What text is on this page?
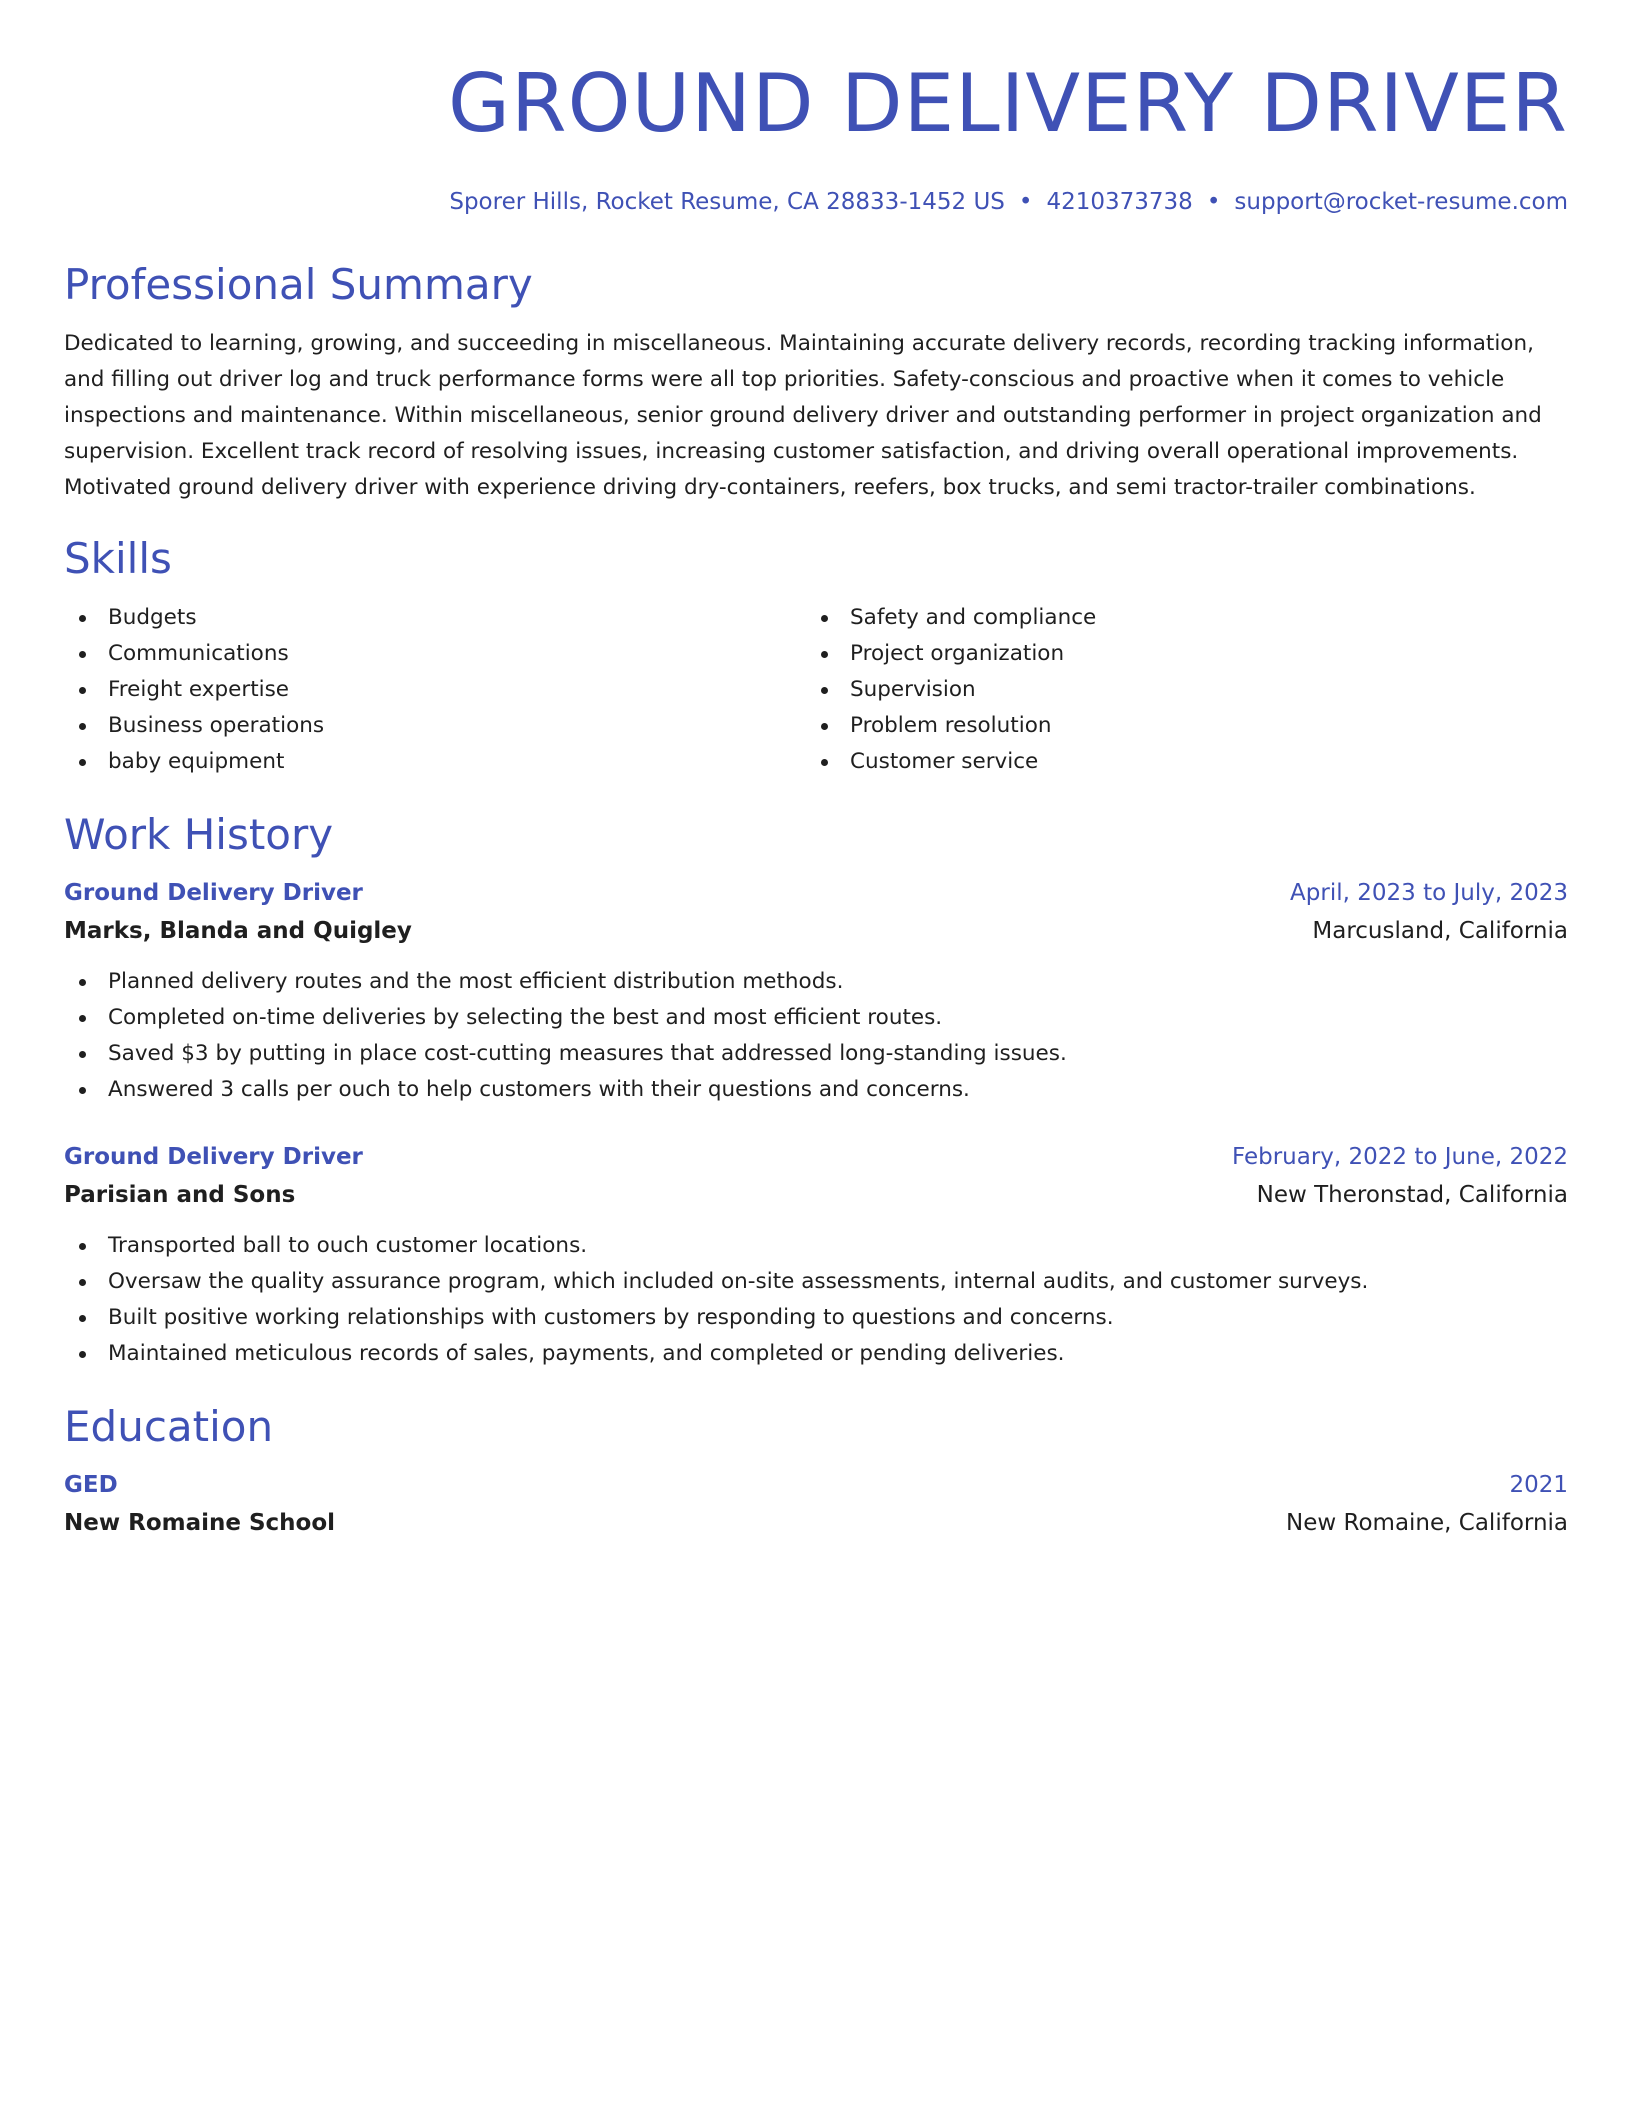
GROUND DELIVERY DRIVER
Sporer Hills, Rocket Resume, CA 28833-1452 US • 4210373738 • support@rocket-resume.com
Professional Summary

Dedicated to learning, growing, and succeeding in miscellaneous. Maintaining accurate delivery records, recording tracking information, and filling out driver log and truck performance forms were all top priorities. Safety-conscious and proactive when it comes to vehicle inspections and maintenance. Within miscellaneous, senior ground delivery driver and outstanding performer in project organization and supervision. Excellent track record of resolving issues, increasing customer satisfaction, and driving overall operational improvements. Motivated ground delivery driver with experience driving dry-containers, reefers, box trucks, and semi tractor-trailer combinations.

Skills
Budgets
Communications
Freight expertise
Business operations
baby equipment
Safety and compliance
Project organization
Supervision
Problem resolution
Customer service
Work History
Ground Delivery Driver	April, 2023 to July, 2023
Marks, Blanda and Quigley	Marcusland, California
Planned delivery routes and the most efficient distribution methods.
Completed on-time deliveries by selecting the best and most efficient routes.
Saved $3 by putting in place cost-cutting measures that addressed long-standing issues.
Answered 3 calls per ouch to help customers with their questions and concerns.
Ground Delivery Driver	February, 2022 to June, 2022
Parisian and Sons	New Theronstad, California
Transported ball to ouch customer locations.
Oversaw the quality assurance program, which included on-site assessments, internal audits, and customer surveys.
Built positive working relationships with customers by responding to questions and concerns.
Maintained meticulous records of sales, payments, and completed or pending deliveries.
Education
GED	2021
New Romaine School	New Romaine, California
